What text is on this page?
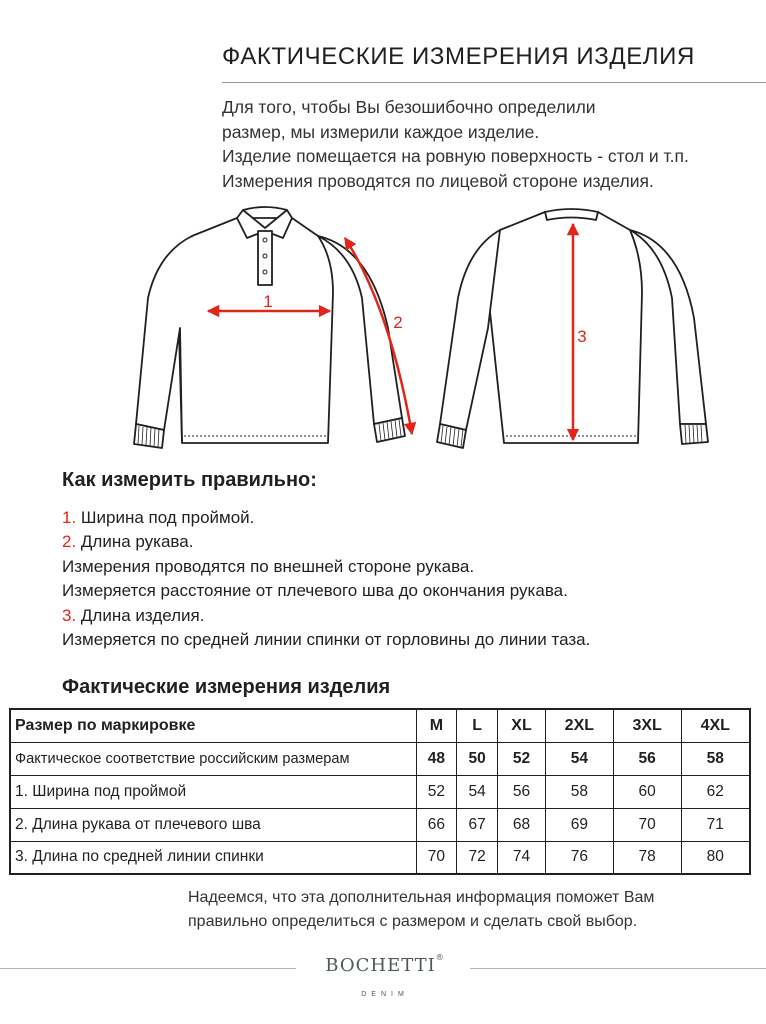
ФАКТИЧЕСКИЕ ИЗМЕРЕНИЯ ИЗДЕЛИЯ
Для того, чтобы Вы безошибочно определили
размер, мы измерили каждое изделие.
Изделие помещается на ровную поверхность - стол и т.п.
Измерения проводятся по лицевой стороне изделия.
1
2
3
Как измерить правильно:
1. Ширина под проймой.
2. Длина рукава.
Измерения проводятся по внешней стороне рукава.
Измеряется расстояние от плечевого шва до окончания рукава.
3. Длина изделия.
Измеряется по средней линии спинки от горловины до линии таза.
Фактические измерения изделия
Размер по маркировке	M	L	XL	2XL	3XL	4XL
Фактическое соответствие российским размерам	48	50	52	54	56	58
1. Ширина под проймой	52	54	56	58	60	62
2. Длина рукава от плечевого шва	66	67	68	69	70	71
3. Длина по средней линии спинки	70	72	74	76	78	80
Надеемся, что эта дополнительная информация поможет Вам
правильно определиться с размером и сделать свой выбор.
BOCHETTI®
DENIM
